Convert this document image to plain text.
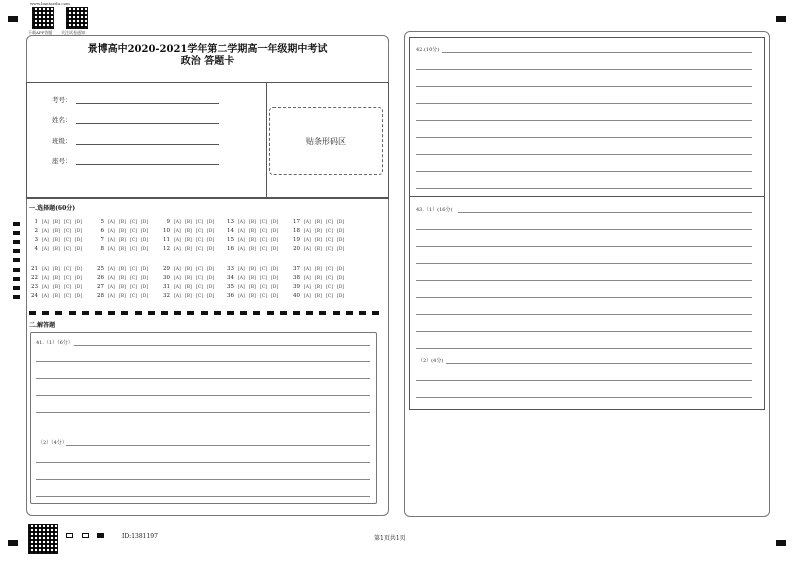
www.bantaedu.com
下载APP答题 关注试卷通知
景博高中2020-2021学年第二学期高一年级期中考试
政治 答题卡
考号：
姓名：
班级：
座号：
贴条形码区
一.选择题(60分)
1 [A] [B] [C] [D]
2 [A] [B] [C] [D]
3 [A] [B] [C] [D]
4 [A] [B] [C] [D]
5 [A] [B] [C] [D]
6 [A] [B] [C] [D]
7 [A] [B] [C] [D]
8 [A] [B] [C] [D]
9 [A] [B] [C] [D]
10 [A] [B] [C] [D]
11 [A] [B] [C] [D]
12 [A] [B] [C] [D]
13 [A] [B] [C] [D]
14 [A] [B] [C] [D]
15 [A] [B] [C] [D]
16 [A] [B] [C] [D]
17 [A] [B] [C] [D]
18 [A] [B] [C] [D]
19 [A] [B] [C] [D]
20 [A] [B] [C] [D]
21 [A] [B] [C] [D]
22 [A] [B] [C] [D]
23 [A] [B] [C] [D]
24 [A] [B] [C] [D]
25 [A] [B] [C] [D]
26 [A] [B] [C] [D]
27 [A] [B] [C] [D]
28 [A] [B] [C] [D]
29 [A] [B] [C] [D]
30 [A] [B] [C] [D]
31 [A] [B] [C] [D]
32 [A] [B] [C] [D]
33 [A] [B] [C] [D]
34 [A] [B] [C] [D]
35 [A] [B] [C] [D]
36 [A] [B] [C] [D]
37 [A] [B] [C] [D]
38 [A] [B] [C] [D]
39 [A] [B] [C] [D]
40 [A] [B] [C] [D]
二.解答题
41.（1）（6分）
（2）（4分）
42.(10分)
43.（1）(16分)
（2）(4分)
ID:1381197	第1页共1页
